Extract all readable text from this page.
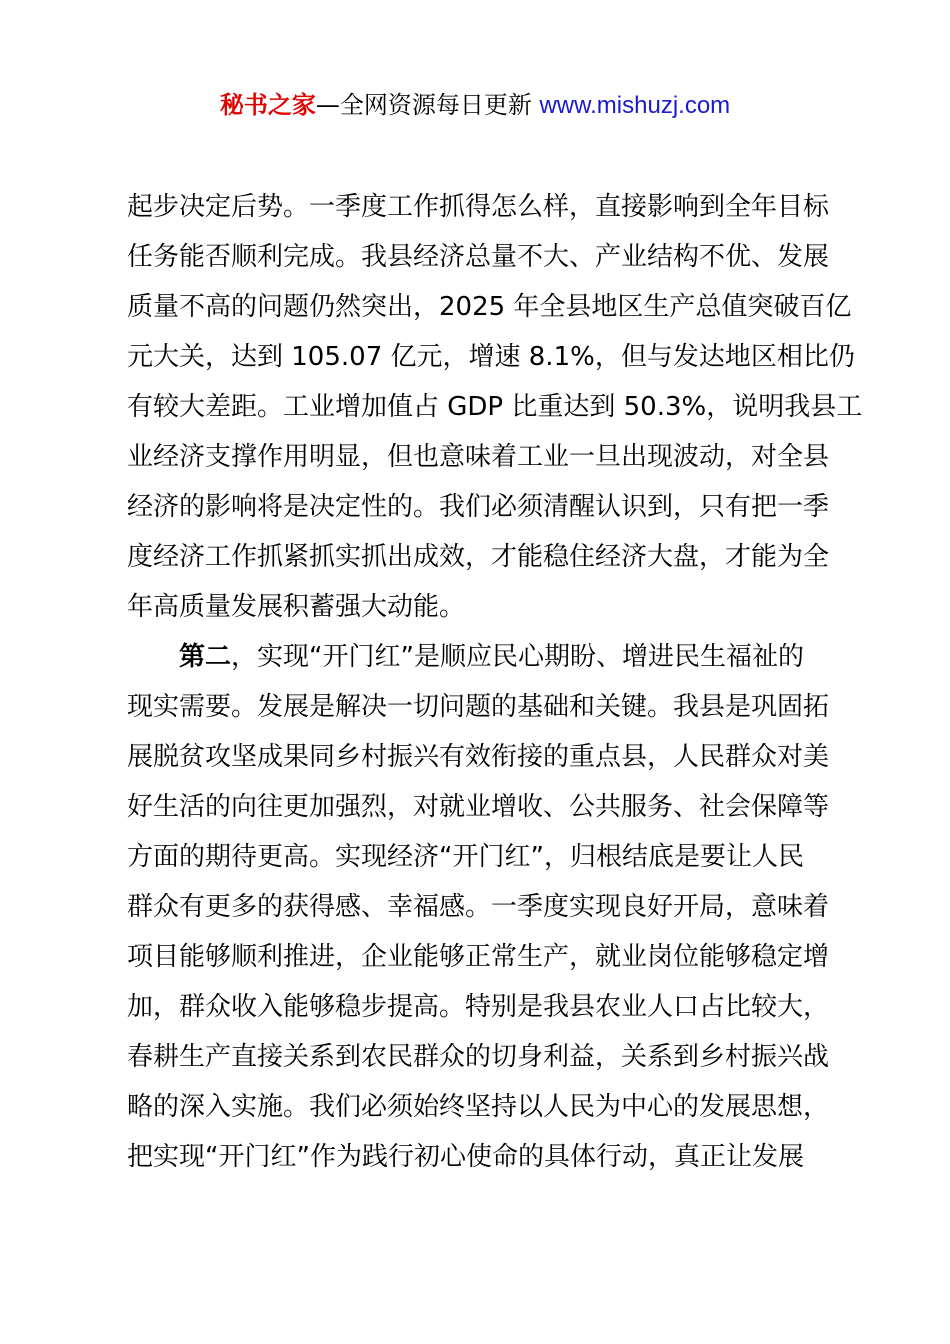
秘书之家—全网资源每日更新 www.mishuzj.com
起步决定后势。一季度工作抓得怎么样，直接影响到全年目标
任务能否顺利完成。我县经济总量不大、产业结构不优、发展
质量不高的问题仍然突出，2025 年全县地区生产总值突破百亿
元大关，达到 105.07 亿元，增速 8.1%，但与发达地区相比仍
有较大差距。工业增加值占 GDP 比重达到 50.3%，说明我县工
业经济支撑作用明显，但也意味着工业一旦出现波动，对全县
经济的影响将是决定性的。我们必须清醒认识到，只有把一季
度经济工作抓紧抓实抓出成效，才能稳住经济大盘，才能为全
年高质量发展积蓄强大动能。
第二，实现“开门红”是顺应民心期盼、增进民生福祉的
现实需要。发展是解决一切问题的基础和关键。我县是巩固拓
展脱贫攻坚成果同乡村振兴有效衔接的重点县，人民群众对美
好生活的向往更加强烈，对就业增收、公共服务、社会保障等
方面的期待更高。实现经济“开门红”，归根结底是要让人民
群众有更多的获得感、幸福感。一季度实现良好开局，意味着
项目能够顺利推进，企业能够正常生产，就业岗位能够稳定增
加，群众收入能够稳步提高。特别是我县农业人口占比较大，
春耕生产直接关系到农民群众的切身利益，关系到乡村振兴战
略的深入实施。我们必须始终坚持以人民为中心的发展思想，
把实现“开门红”作为践行初心使命的具体行动，真正让发展
